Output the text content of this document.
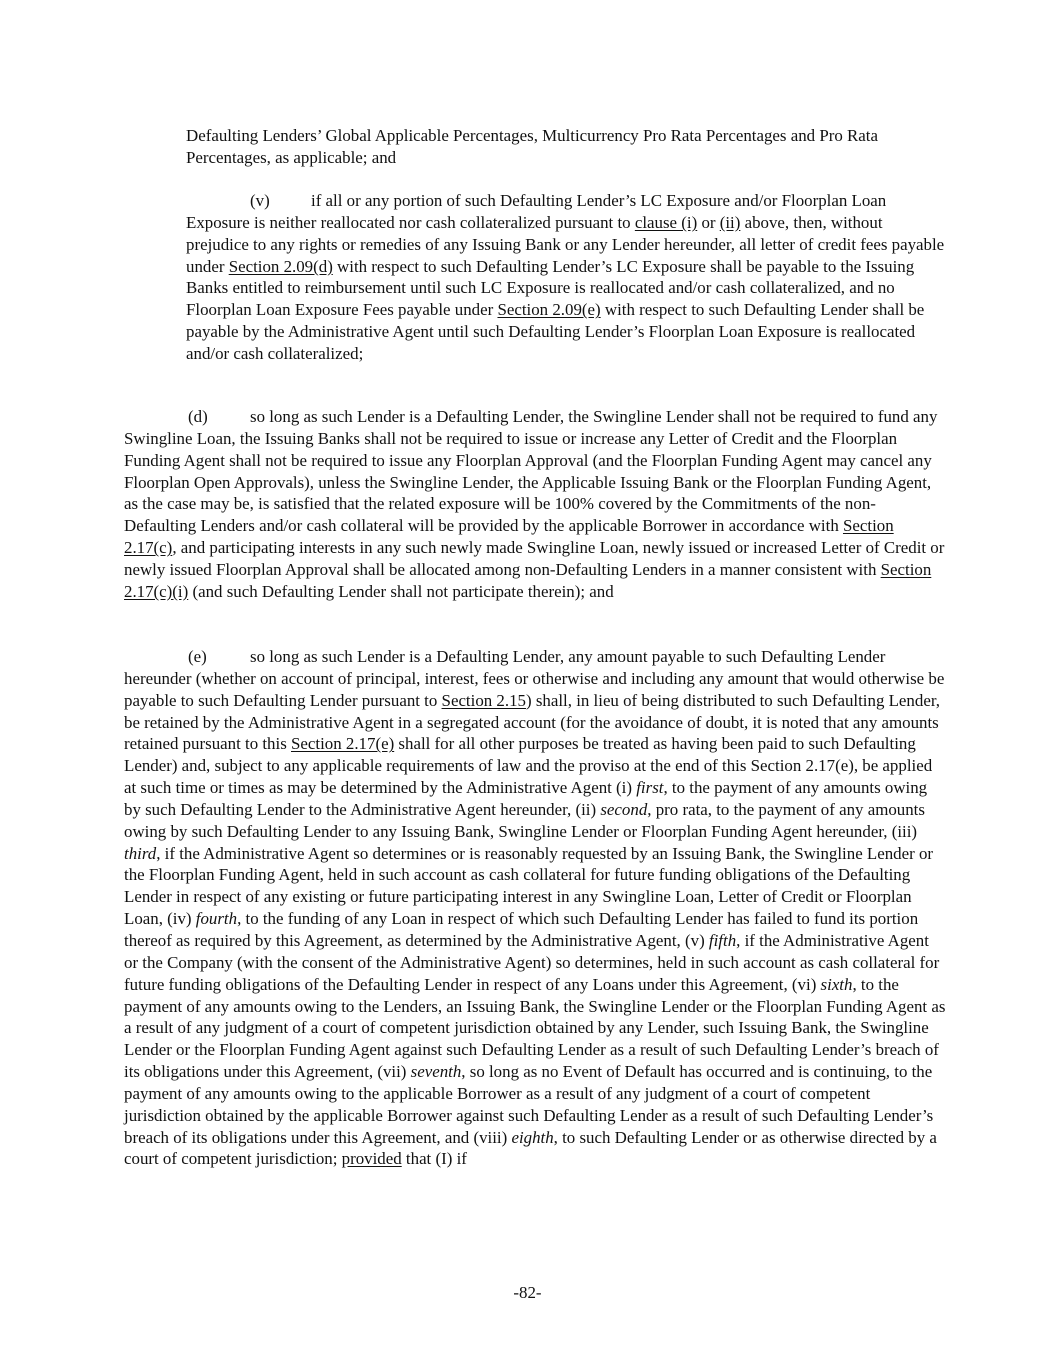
Defaulting Lenders’ Global Applicable Percentages, Multicurrency Pro Rata Percentages and Pro Rata Percentages, as applicable; and

(v) if all or any portion of such Defaulting Lender’s LC Exposure and/or Floorplan Loan Exposure is neither reallocated nor cash collateralized pursuant to clause (i) or (ii) above, then, without prejudice to any rights or remedies of any Issuing Bank or any Lender hereunder, all letter of credit fees payable under Section 2.09(d) with respect to such Defaulting Lender’s LC Exposure shall be payable to the Issuing Banks entitled to reimbursement until such LC Exposure is reallocated and/or cash collateralized, and no Floorplan Loan Exposure Fees payable under Section 2.09(e) with respect to such Defaulting Lender shall be payable by the Administrative Agent until such Defaulting Lender’s Floorplan Loan Exposure is reallocated and/or cash collateralized;

(d)	so long as such Lender is a Defaulting Lender, the Swingline Lender shall not be required to fund any Swingline Loan, the Issuing Banks shall not be required to issue or increase any Letter of Credit and the Floorplan Funding Agent shall not be required to issue any Floorplan Approval (and the Floorplan Funding Agent may cancel any Floorplan Open Approvals), unless the Swingline Lender, the Applicable Issuing Bank or the Floorplan Funding Agent, as the case may be, is satisfied that the related exposure will be 100% covered by the Commitments of the non-Defaulting Lenders and/or cash collateral will be provided by the applicable Borrower in accordance with Section 2.17(c), and participating interests in any such newly made Swingline Loan, newly issued or increased Letter of Credit or newly issued Floorplan Approval shall be allocated among non-Defaulting Lenders in a manner consistent with Section 2.17(c)(i) (and such Defaulting Lender shall not participate therein); and

(e)	so long as such Lender is a Defaulting Lender, any amount payable to such Defaulting Lender hereunder (whether on account of principal, interest, fees or otherwise and including any amount that would otherwise be payable to such Defaulting Lender pursuant to Section 2.15) shall, in lieu of being distributed to such Defaulting Lender, be retained by the Administrative Agent in a segregated account (for the avoidance of doubt, it is noted that any amounts retained pursuant to this Section 2.17(e) shall for all other purposes be treated as having been paid to such Defaulting Lender) and, subject to any applicable requirements of law and the proviso at the end of this Section 2.17(e), be applied at such time or times as may be determined by the Administrative Agent (i) first, to the payment of any amounts owing by such Defaulting Lender to the Administrative Agent hereunder, (ii) second, pro rata, to the payment of any amounts owing by such Defaulting Lender to any Issuing Bank, Swingline Lender or Floorplan Funding Agent hereunder, (iii) third, if the Administrative Agent so determines or is reasonably requested by an Issuing Bank, the Swingline Lender or the Floorplan Funding Agent, held in such account as cash collateral for future funding obligations of the Defaulting Lender in respect of any existing or future participating interest in any Swingline Loan, Letter of Credit or Floorplan Loan, (iv) fourth, to the funding of any Loan in respect of which such Defaulting Lender has failed to fund its portion thereof as required by this Agreement, as determined by the Administrative Agent, (v) fifth, if the Administrative Agent or the Company (with the consent of the Administrative Agent) so determines, held in such account as cash collateral for future funding obligations of the Defaulting Lender in respect of any Loans under this Agreement, (vi) sixth, to the payment of any amounts owing to the Lenders, an Issuing Bank, the Swingline Lender or the Floorplan Funding Agent as a result of any judgment of a court of competent jurisdiction obtained by any Lender, such Issuing Bank, the Swingline Lender or the Floorplan Funding Agent against such Defaulting Lender as a result of such Defaulting Lender’s breach of its obligations under this Agreement, (vii) seventh, so long as no Event of Default has occurred and is continuing, to the payment of any amounts owing to the applicable Borrower as a result of any judgment of a court of competent jurisdiction obtained by the applicable Borrower against such Defaulting Lender as a result of such Defaulting Lender’s breach of its obligations under this Agreement, and (viii) eighth, to such Defaulting Lender or as otherwise directed by a court of competent jurisdiction; provided that (I) if

-82-
